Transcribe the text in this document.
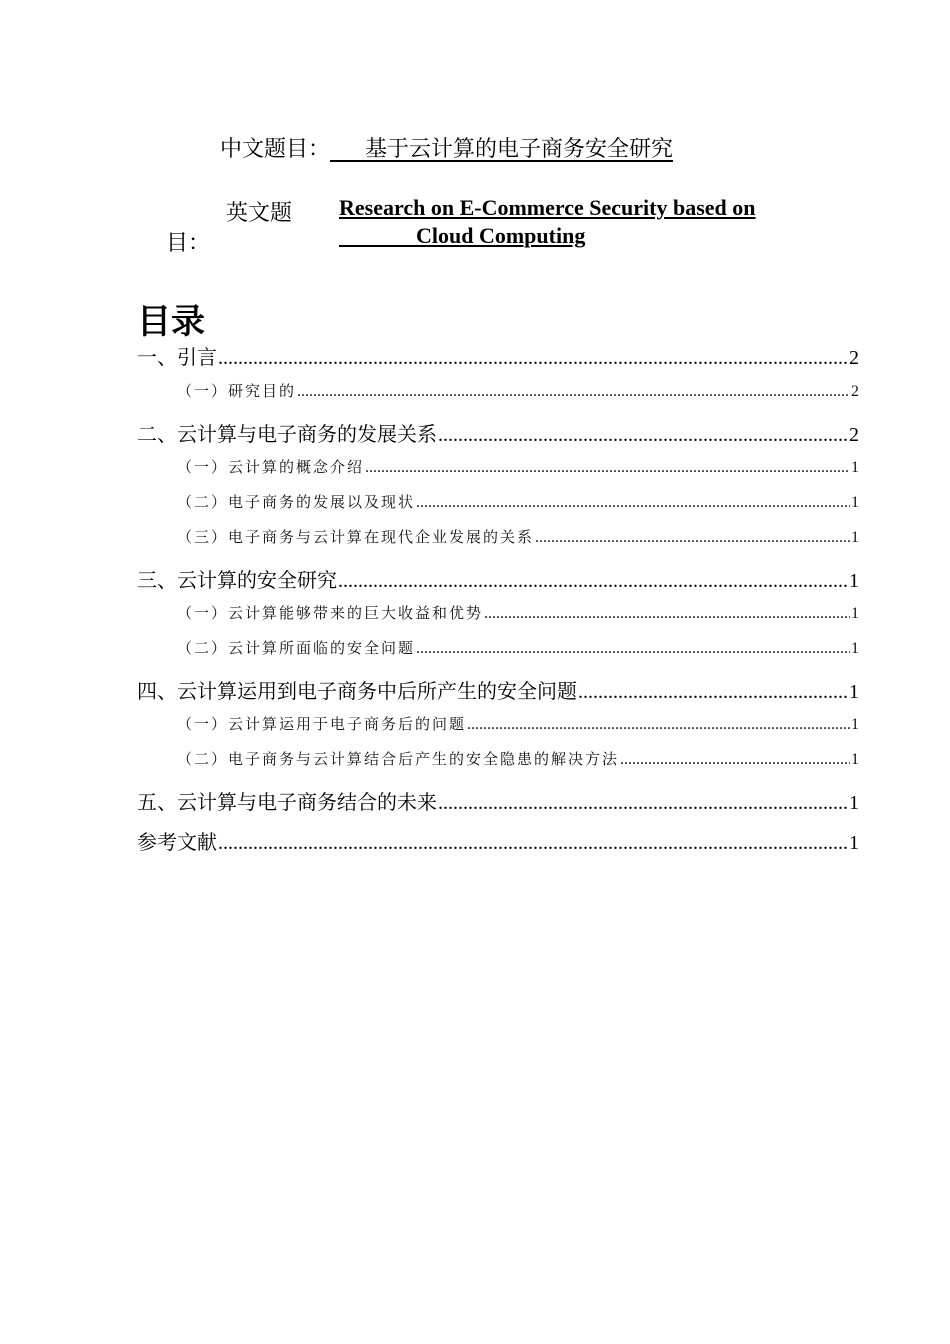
中文题目： 基于云计算的电子商务安全研究
英文题
目：
Research on E-Commerce Security based on
Cloud Computing
目录
一、引言 .....	2
（一）研究目的 .....	2
二、云计算与电子商务的发展关系 .....	2
（一）云计算的概念介绍 .....	1
（二）电子商务的发展以及现状 .....	1
（三）电子商务与云计算在现代企业发展的关系 .....	1
三、云计算的安全研究 .....	1
（一）云计算能够带来的巨大收益和优势 .....	1
（二）云计算所面临的安全问题 .....	1
四、云计算运用到电子商务中后所产生的安全问题 .....	1
（一）云计算运用于电子商务后的问题 .....	1
（二）电子商务与云计算结合后产生的安全隐患的解决方法 .....	1
五、云计算与电子商务结合的未来 .....	1
参考文献 .....	1
